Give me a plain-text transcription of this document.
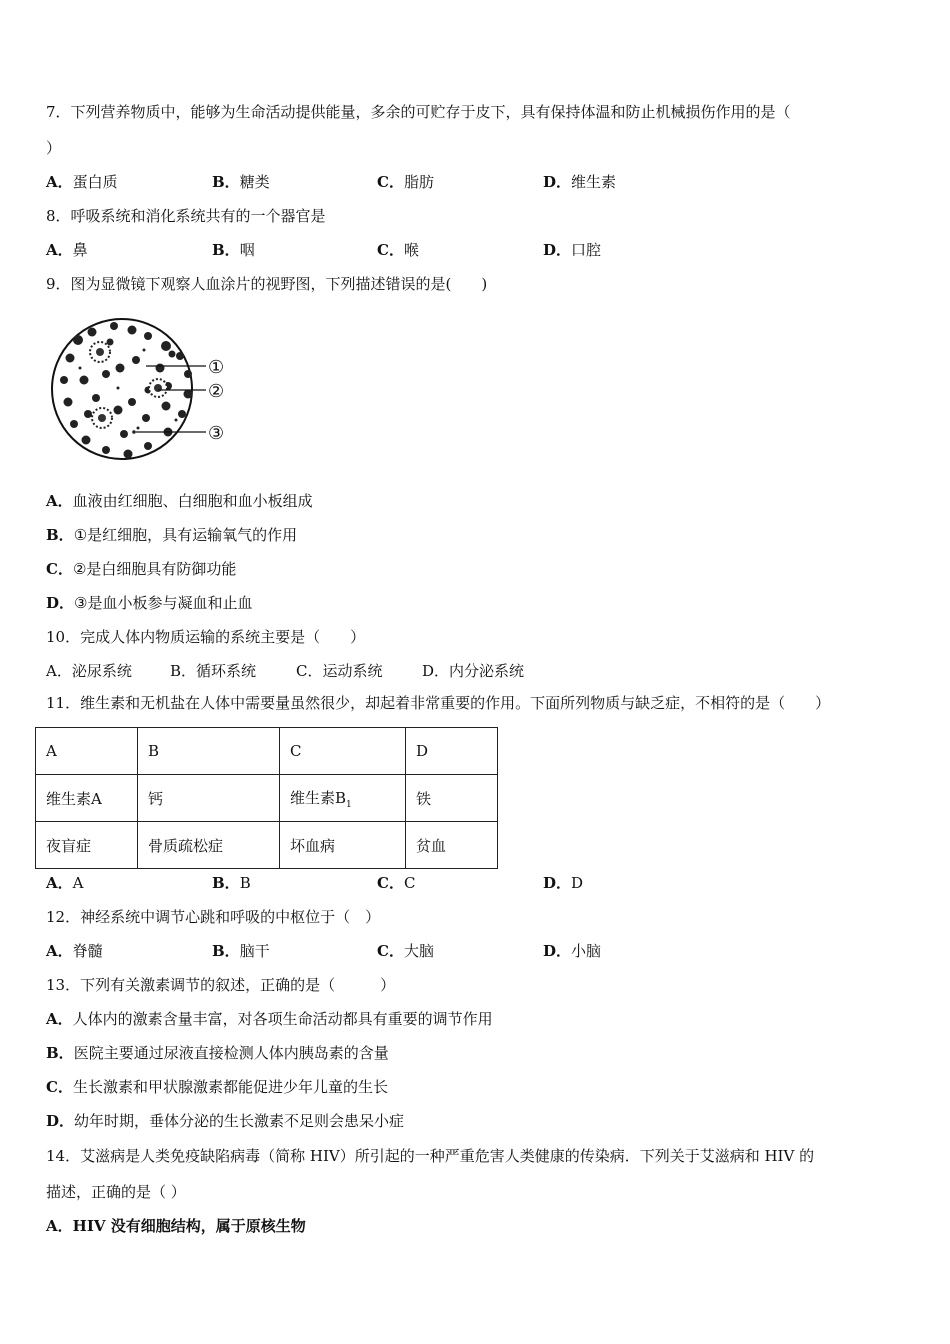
7．下列营养物质中，能够为生命活动提供能量，多余的可贮存于皮下，具有保持体温和防止机械损伤作用的是（
）
A．蛋白质	B．糖类	C．脂肪	D．维生素
8．呼吸系统和消化系统共有的一个器官是
A．鼻	B．咽	C．喉	D．口腔
9．图为显微镜下观察人血涂片的视野图，下列描述错误的是(　　)
①
②
③
A．血液由红细胞、白细胞和血小板组成
B．①是红细胞，具有运输氧气的作用
C．②是白细胞具有防御功能
D．③是血小板参与凝血和止血
10．完成人体内物质运输的系统主要是（　　）
A．泌尿系统	B．循环系统	C．运动系统	D．内分泌系统
11．维生素和无机盐在人体中需要量虽然很少，却起着非常重要的作用。下面所列物质与缺乏症，不相符的是（　　）
A	B	C	D
维生素A	钙	维生素$B_1$	铁
夜盲症	骨质疏松症	坏血病	贫血
A．A	B．B	C．C	D．D
12．神经系统中调节心跳和呼吸的中枢位于（　）
A．脊髓	B．脑干	C．大脑	D．小脑
13．下列有关激素调节的叙述，正确的是（　　　）
A．人体内的激素含量丰富，对各项生命活动都具有重要的调节作用
B．医院主要通过尿液直接检测人体内胰岛素的含量
C．生长激素和甲状腺激素都能促进少年儿童的生长
D．幼年时期，垂体分泌的生长激素不足则会患呆小症
14．艾滋病是人类免疫缺陷病毒（简称 HIV）所引起的一种严重危害人类健康的传染病．下列关于艾滋病和 HIV 的
描述，正确的是（ ）
A．HIV 没有细胞结构，属于原核生物
